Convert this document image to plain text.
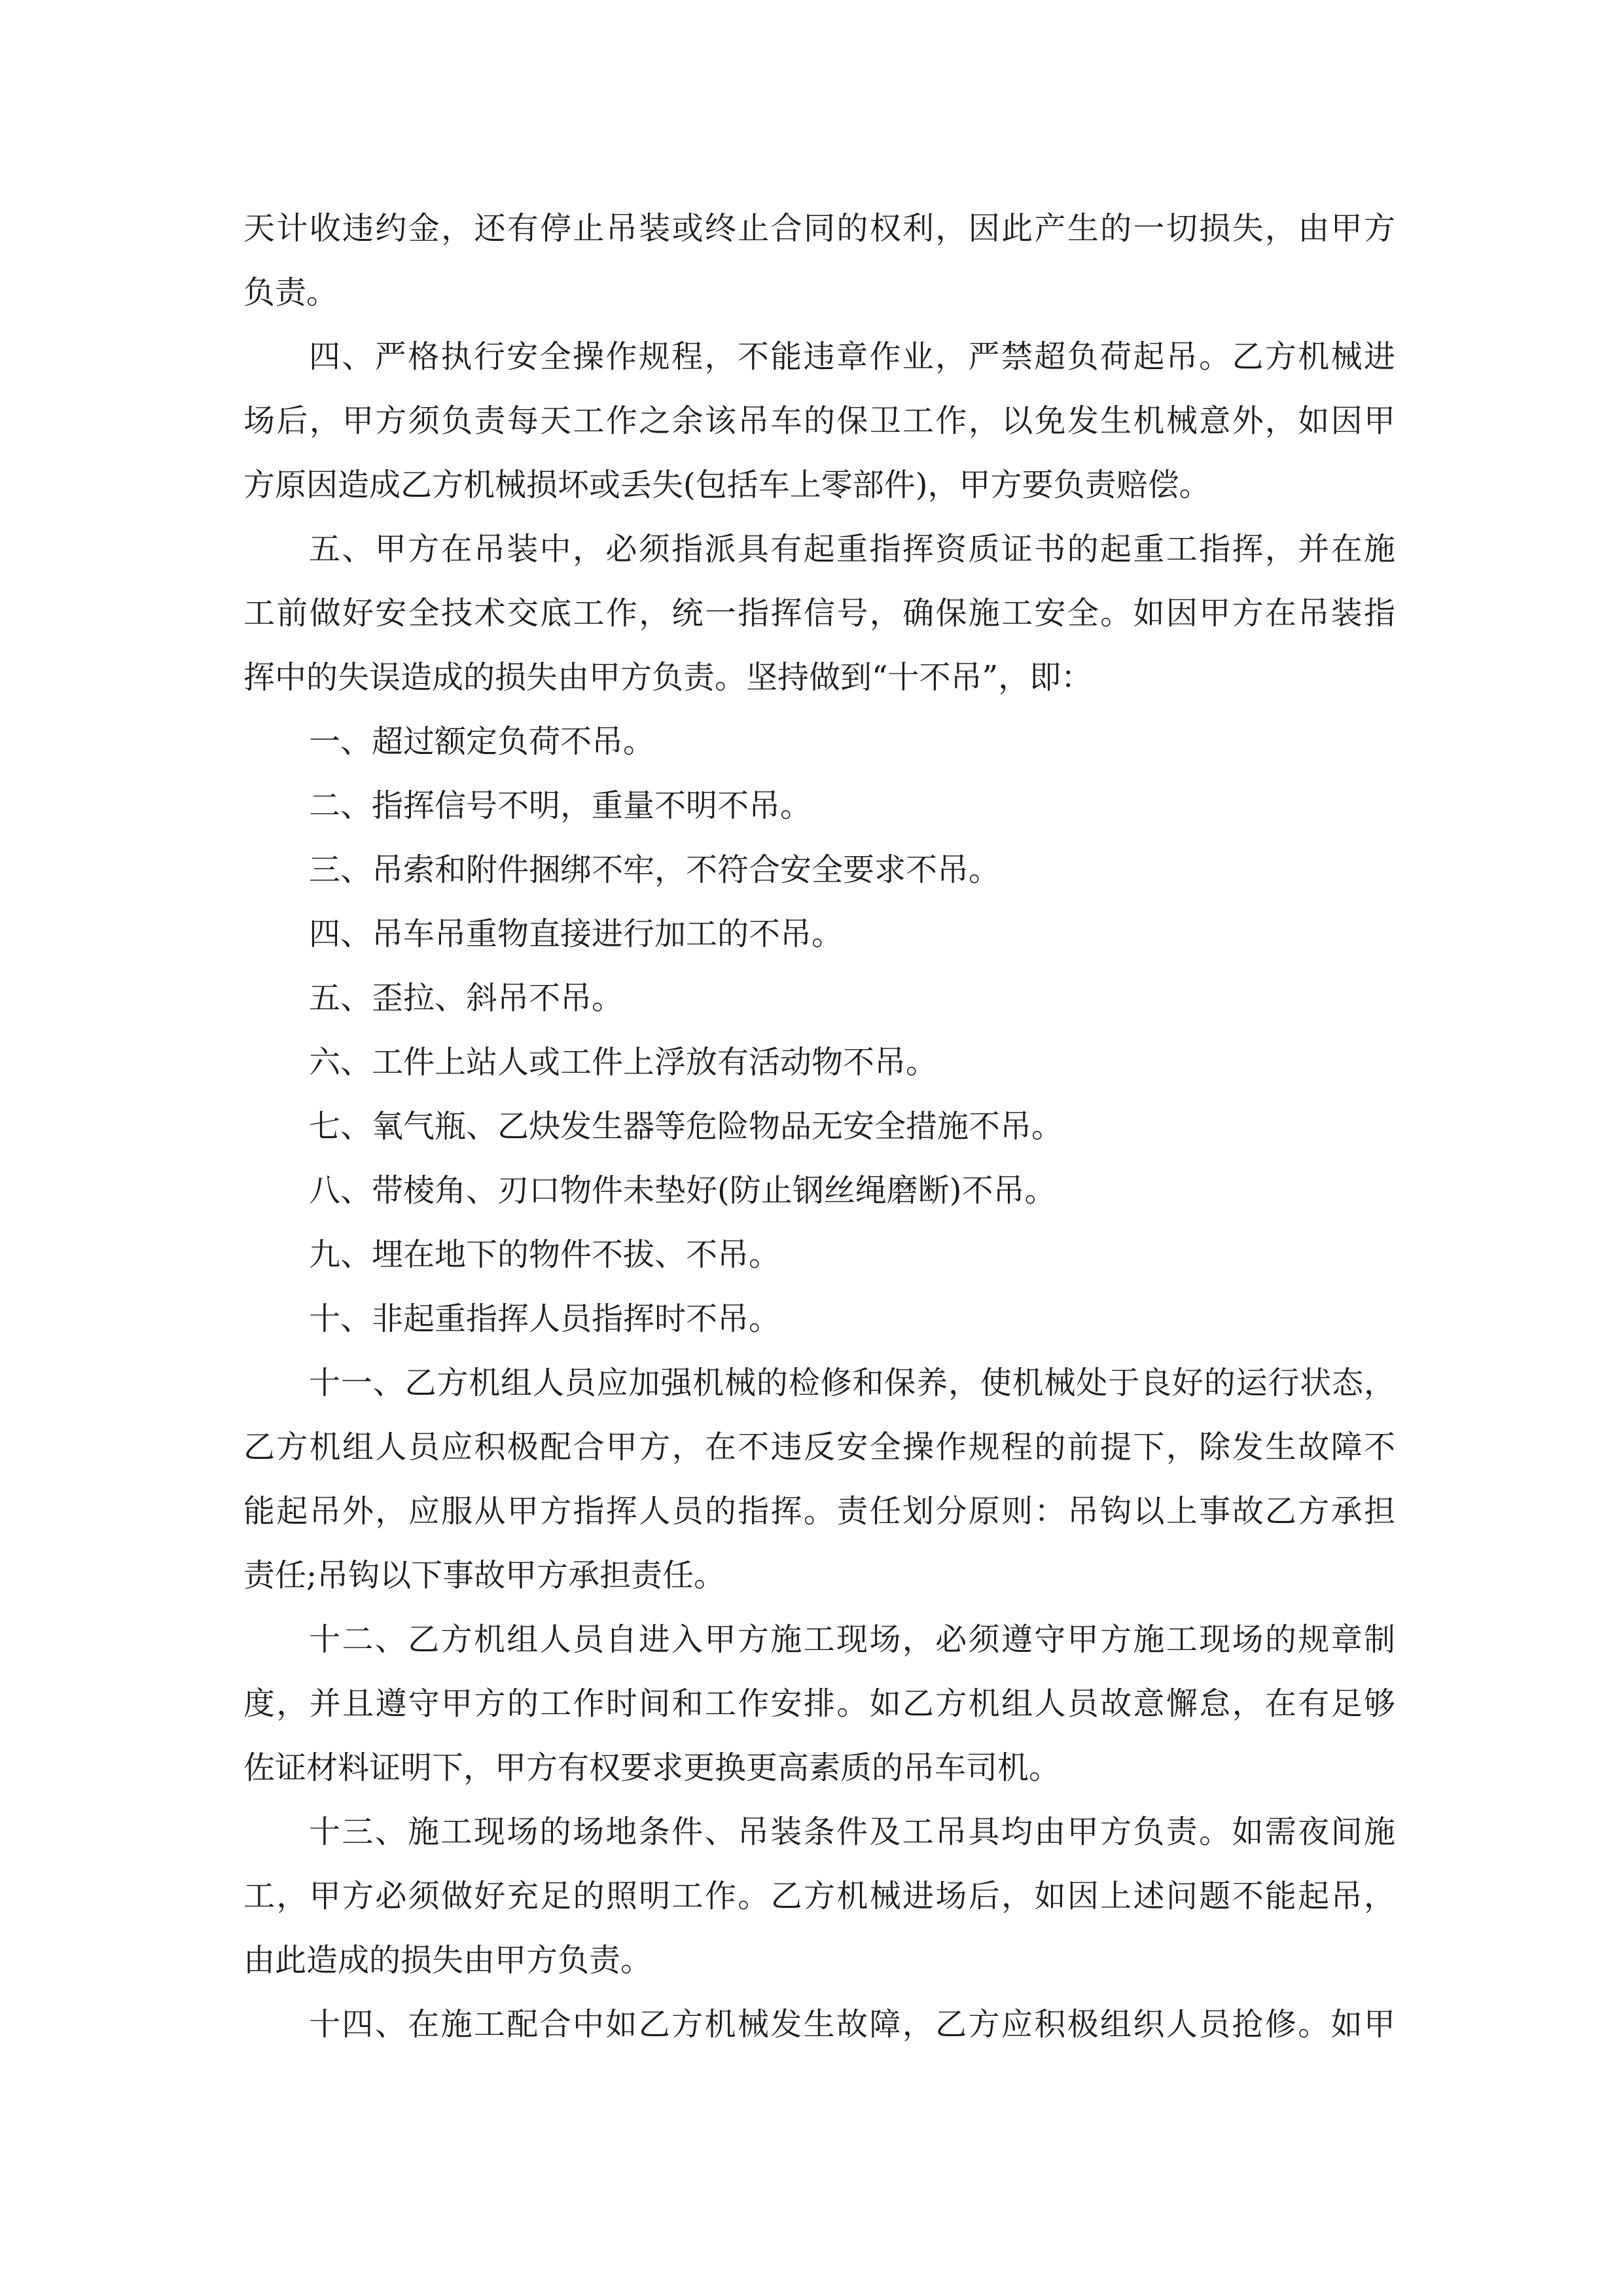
天计收违约金，还有停止吊装或终止合同的权利，因此产生的一切损失，由甲方
负责。
四、严格执行安全操作规程，不能违章作业，严禁超负荷起吊。乙方机械进
场后，甲方须负责每天工作之余该吊车的保卫工作，以免发生机械意外，如因甲
方原因造成乙方机械损坏或丢失(包括车上零部件)，甲方要负责赔偿。
五、甲方在吊装中，必须指派具有起重指挥资质证书的起重工指挥，并在施
工前做好安全技术交底工作，统一指挥信号，确保施工安全。如因甲方在吊装指
挥中的失误造成的损失由甲方负责。坚持做到“十不吊”，即：
一、超过额定负荷不吊。
二、指挥信号不明，重量不明不吊。
三、吊索和附件捆绑不牢，不符合安全要求不吊。
四、吊车吊重物直接进行加工的不吊。
五、歪拉、斜吊不吊。
六、工件上站人或工件上浮放有活动物不吊。
七、氧气瓶、乙炔发生器等危险物品无安全措施不吊。
八、带棱角、刃口物件未垫好(防止钢丝绳磨断)不吊。
九、埋在地下的物件不拔、不吊。
十、非起重指挥人员指挥时不吊。
十一、乙方机组人员应加强机械的检修和保养，使机械处于良好的运行状态，
乙方机组人员应积极配合甲方，在不违反安全操作规程的前提下，除发生故障不
能起吊外，应服从甲方指挥人员的指挥。责任划分原则：吊钩以上事故乙方承担
责任;吊钩以下事故甲方承担责任。
十二、乙方机组人员自进入甲方施工现场，必须遵守甲方施工现场的规章制
度，并且遵守甲方的工作时间和工作安排。如乙方机组人员故意懈怠，在有足够
佐证材料证明下，甲方有权要求更换更高素质的吊车司机。
十三、施工现场的场地条件、吊装条件及工吊具均由甲方负责。如需夜间施
工，甲方必须做好充足的照明工作。乙方机械进场后，如因上述问题不能起吊，
由此造成的损失由甲方负责。
十四、在施工配合中如乙方机械发生故障，乙方应积极组织人员抢修。如甲
